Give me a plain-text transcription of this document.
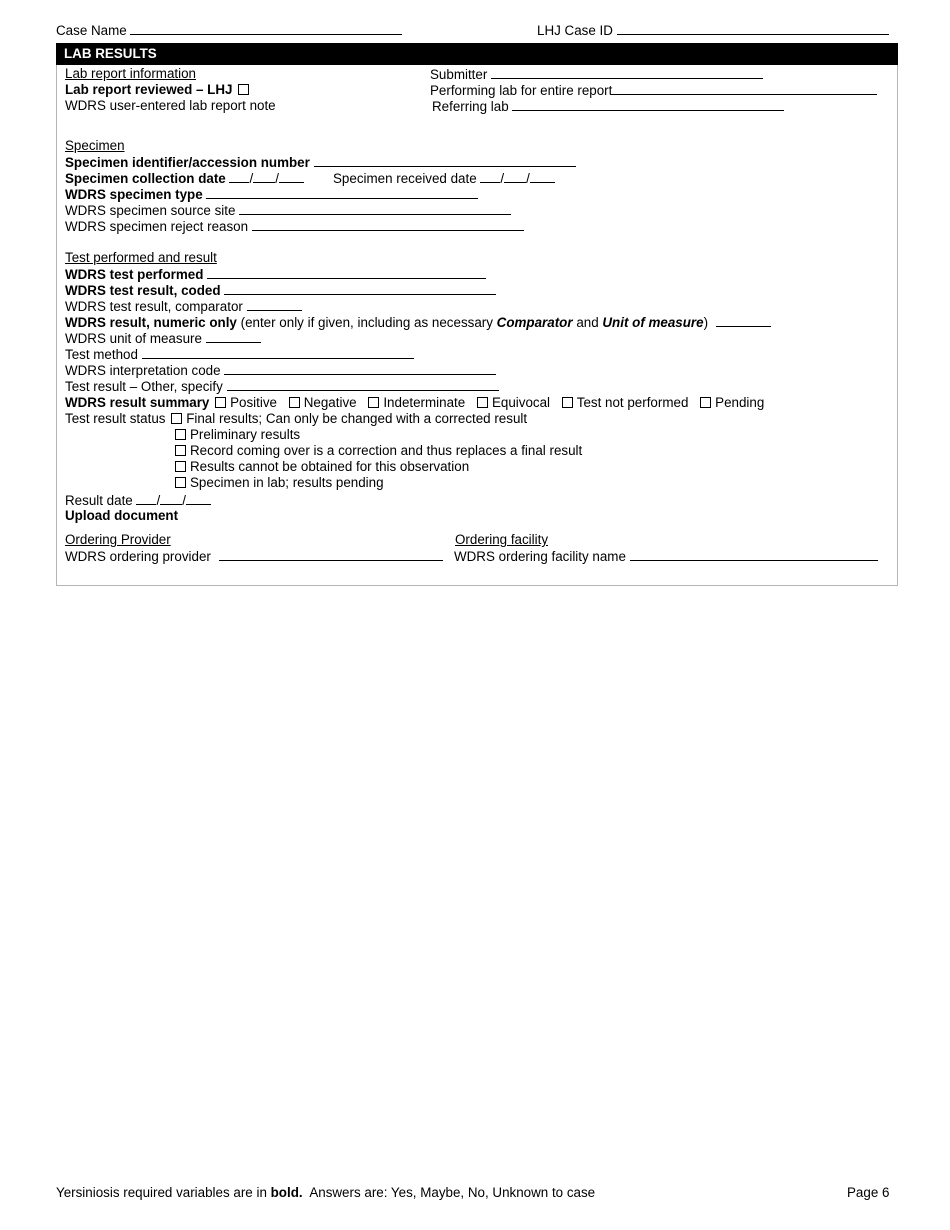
Case Name	LHJ Case ID
LAB RESULTS
Lab report information
Lab report reviewed – LHJ
WDRS user-entered lab report note
Submitter
Performing lab for entire report
Referring lab
Specimen
Specimen identifier/accession number
Specimen collection date / /	Specimen received date / /
WDRS specimen type
WDRS specimen source site
WDRS specimen reject reason
Test performed and result
WDRS test performed
WDRS test result, coded
WDRS test result, comparator
WDRS result, numeric only (enter only if given, including as necessary Comparator and Unit of measure)
WDRS unit of measure
Test method
WDRS interpretation code
Test result – Other, specify
WDRS result summary Positive Negative Indeterminate Equivocal Test not performed Pending
Test result status Final results; Can only be changed with a corrected result
Preliminary results
Record coming over is a correction and thus replaces a final result
Results cannot be obtained for this observation
Specimen in lab; results pending
Result date / /
Upload document
Ordering Provider
WDRS ordering provider
Ordering facility
WDRS ordering facility name
Yersiniosis required variables are in bold. Answers are: Yes, Maybe, No, Unknown to case	Page 6
